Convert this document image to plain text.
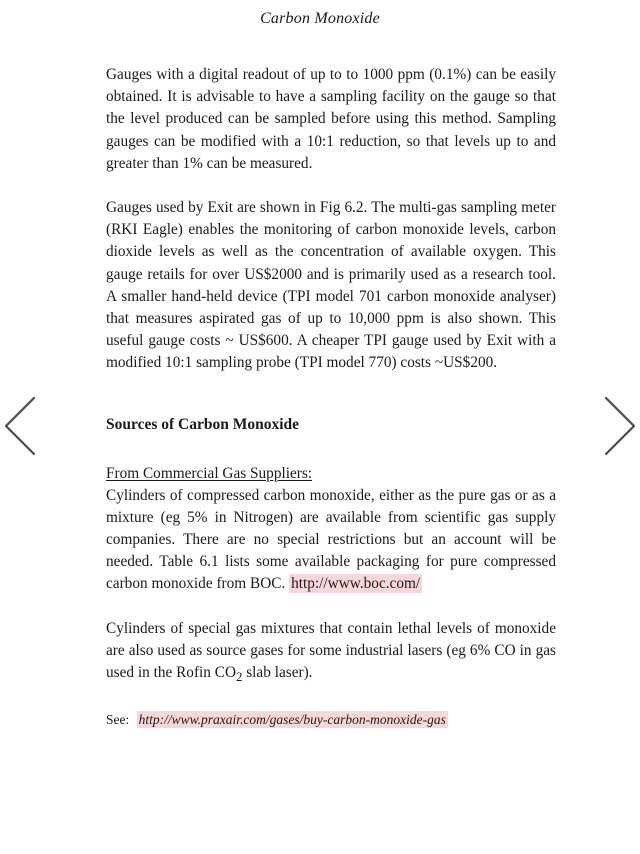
Carbon Monoxide

Gauges with a digital readout of up to to 1000 ppm (0.1%) can be easily obtained. It is advisable to have a sampling facility on the gauge so that the level produced can be sampled before using this method. Sampling gauges can be modified with a 10:1 reduction, so that levels up to and greater than 1% can be measured.

Gauges used by Exit are shown in Fig 6.2. The multi-gas sampling meter (RKI Eagle) enables the monitoring of carbon monoxide levels, carbon dioxide levels as well as the concentration of available oxygen. This gauge retails for over US$2000 and is primarily used as a research tool. A smaller hand-held device (TPI model 701 carbon monoxide analyser) that measures aspirated gas of up to 10,000 ppm is also shown. This useful gauge costs ~ US$600. A cheaper TPI gauge used by Exit with a modified 10:1 sampling probe (TPI model 770) costs ~US$200.

Sources of Carbon Monoxide
From Commercial Gas Suppliers:

Cylinders of compressed carbon monoxide, either as the pure gas or as a mixture (eg 5% in Nitrogen) are available from scientific gas supply companies. There are no special restrictions but an account will be needed. Table 6.1 lists some available packaging for pure compressed carbon monoxide from BOC. http://www.boc.com/

Cylinders of special gas mixtures that contain lethal levels of monoxide are also used as source gases for some industrial lasers (eg 6% CO in gas used in the Rofin $CO_2$ slab laser).

See: http://www.praxair.com/gases/buy-carbon-monoxide-gas
